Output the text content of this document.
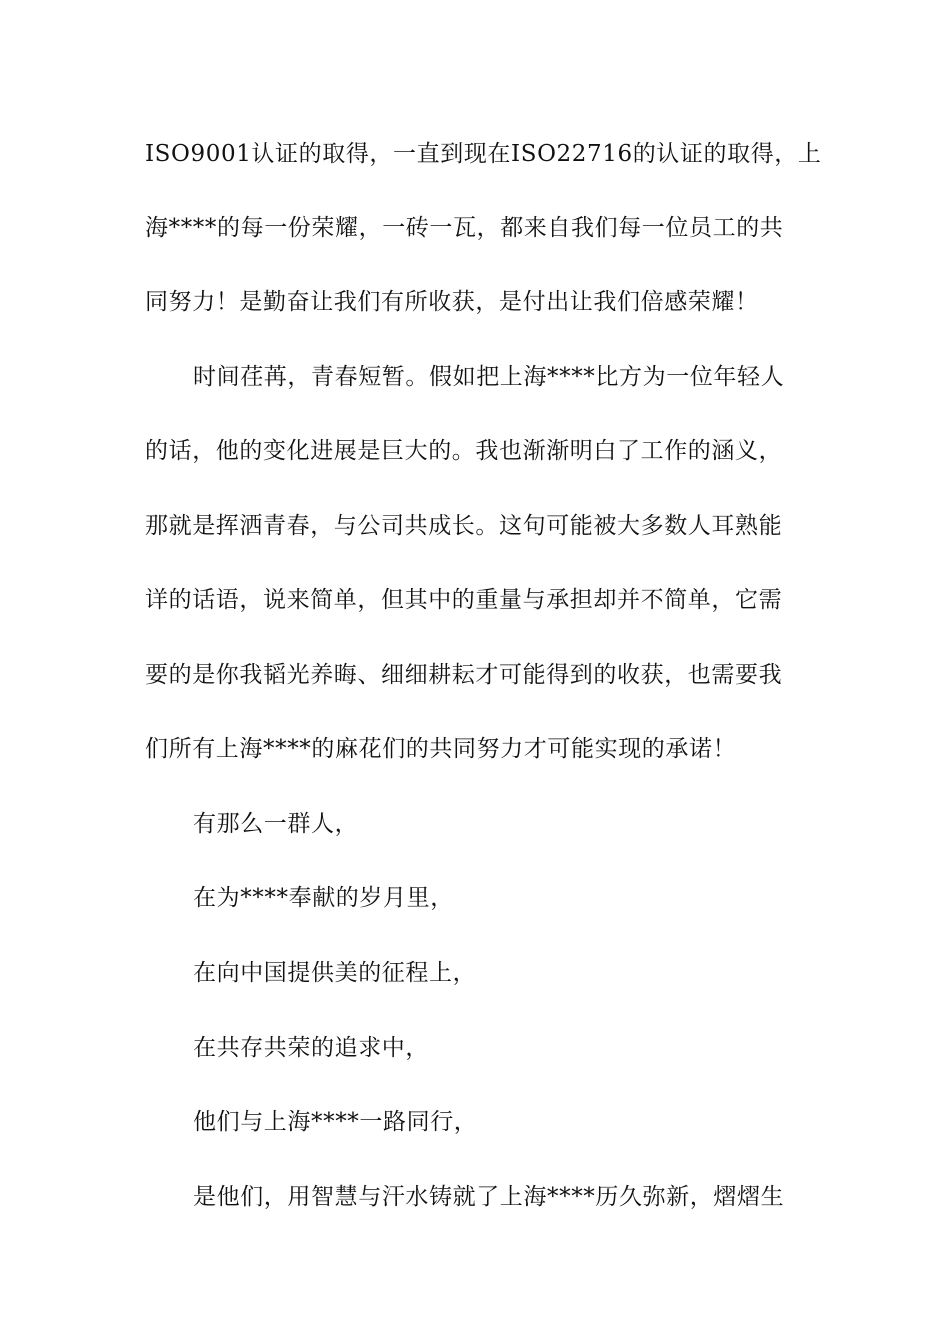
ISO9001认证的取得，一直到现在ISO22716的认证的取得，上
海****的每一份荣耀，一砖一瓦，都来自我们每一位员工的共
同努力！是勤奋让我们有所收获，是付出让我们倍感荣耀！
时间荏苒，青春短暂。假如把上海****比方为一位年轻人
的话，他的变化进展是巨大的。我也渐渐明白了工作的涵义，
那就是挥洒青春，与公司共成长。这句可能被大多数人耳熟能
详的话语，说来简单，但其中的重量与承担却并不简单，它需
要的是你我韬光养晦、细细耕耘才可能得到的收获，也需要我
们所有上海****的麻花们的共同努力才可能实现的承诺！
有那么一群人，
在为****奉献的岁月里，
在向中国提供美的征程上，
在共存共荣的追求中，
他们与上海****一路同行，
是他们，用智慧与汗水铸就了上海****历久弥新，熠熠生
